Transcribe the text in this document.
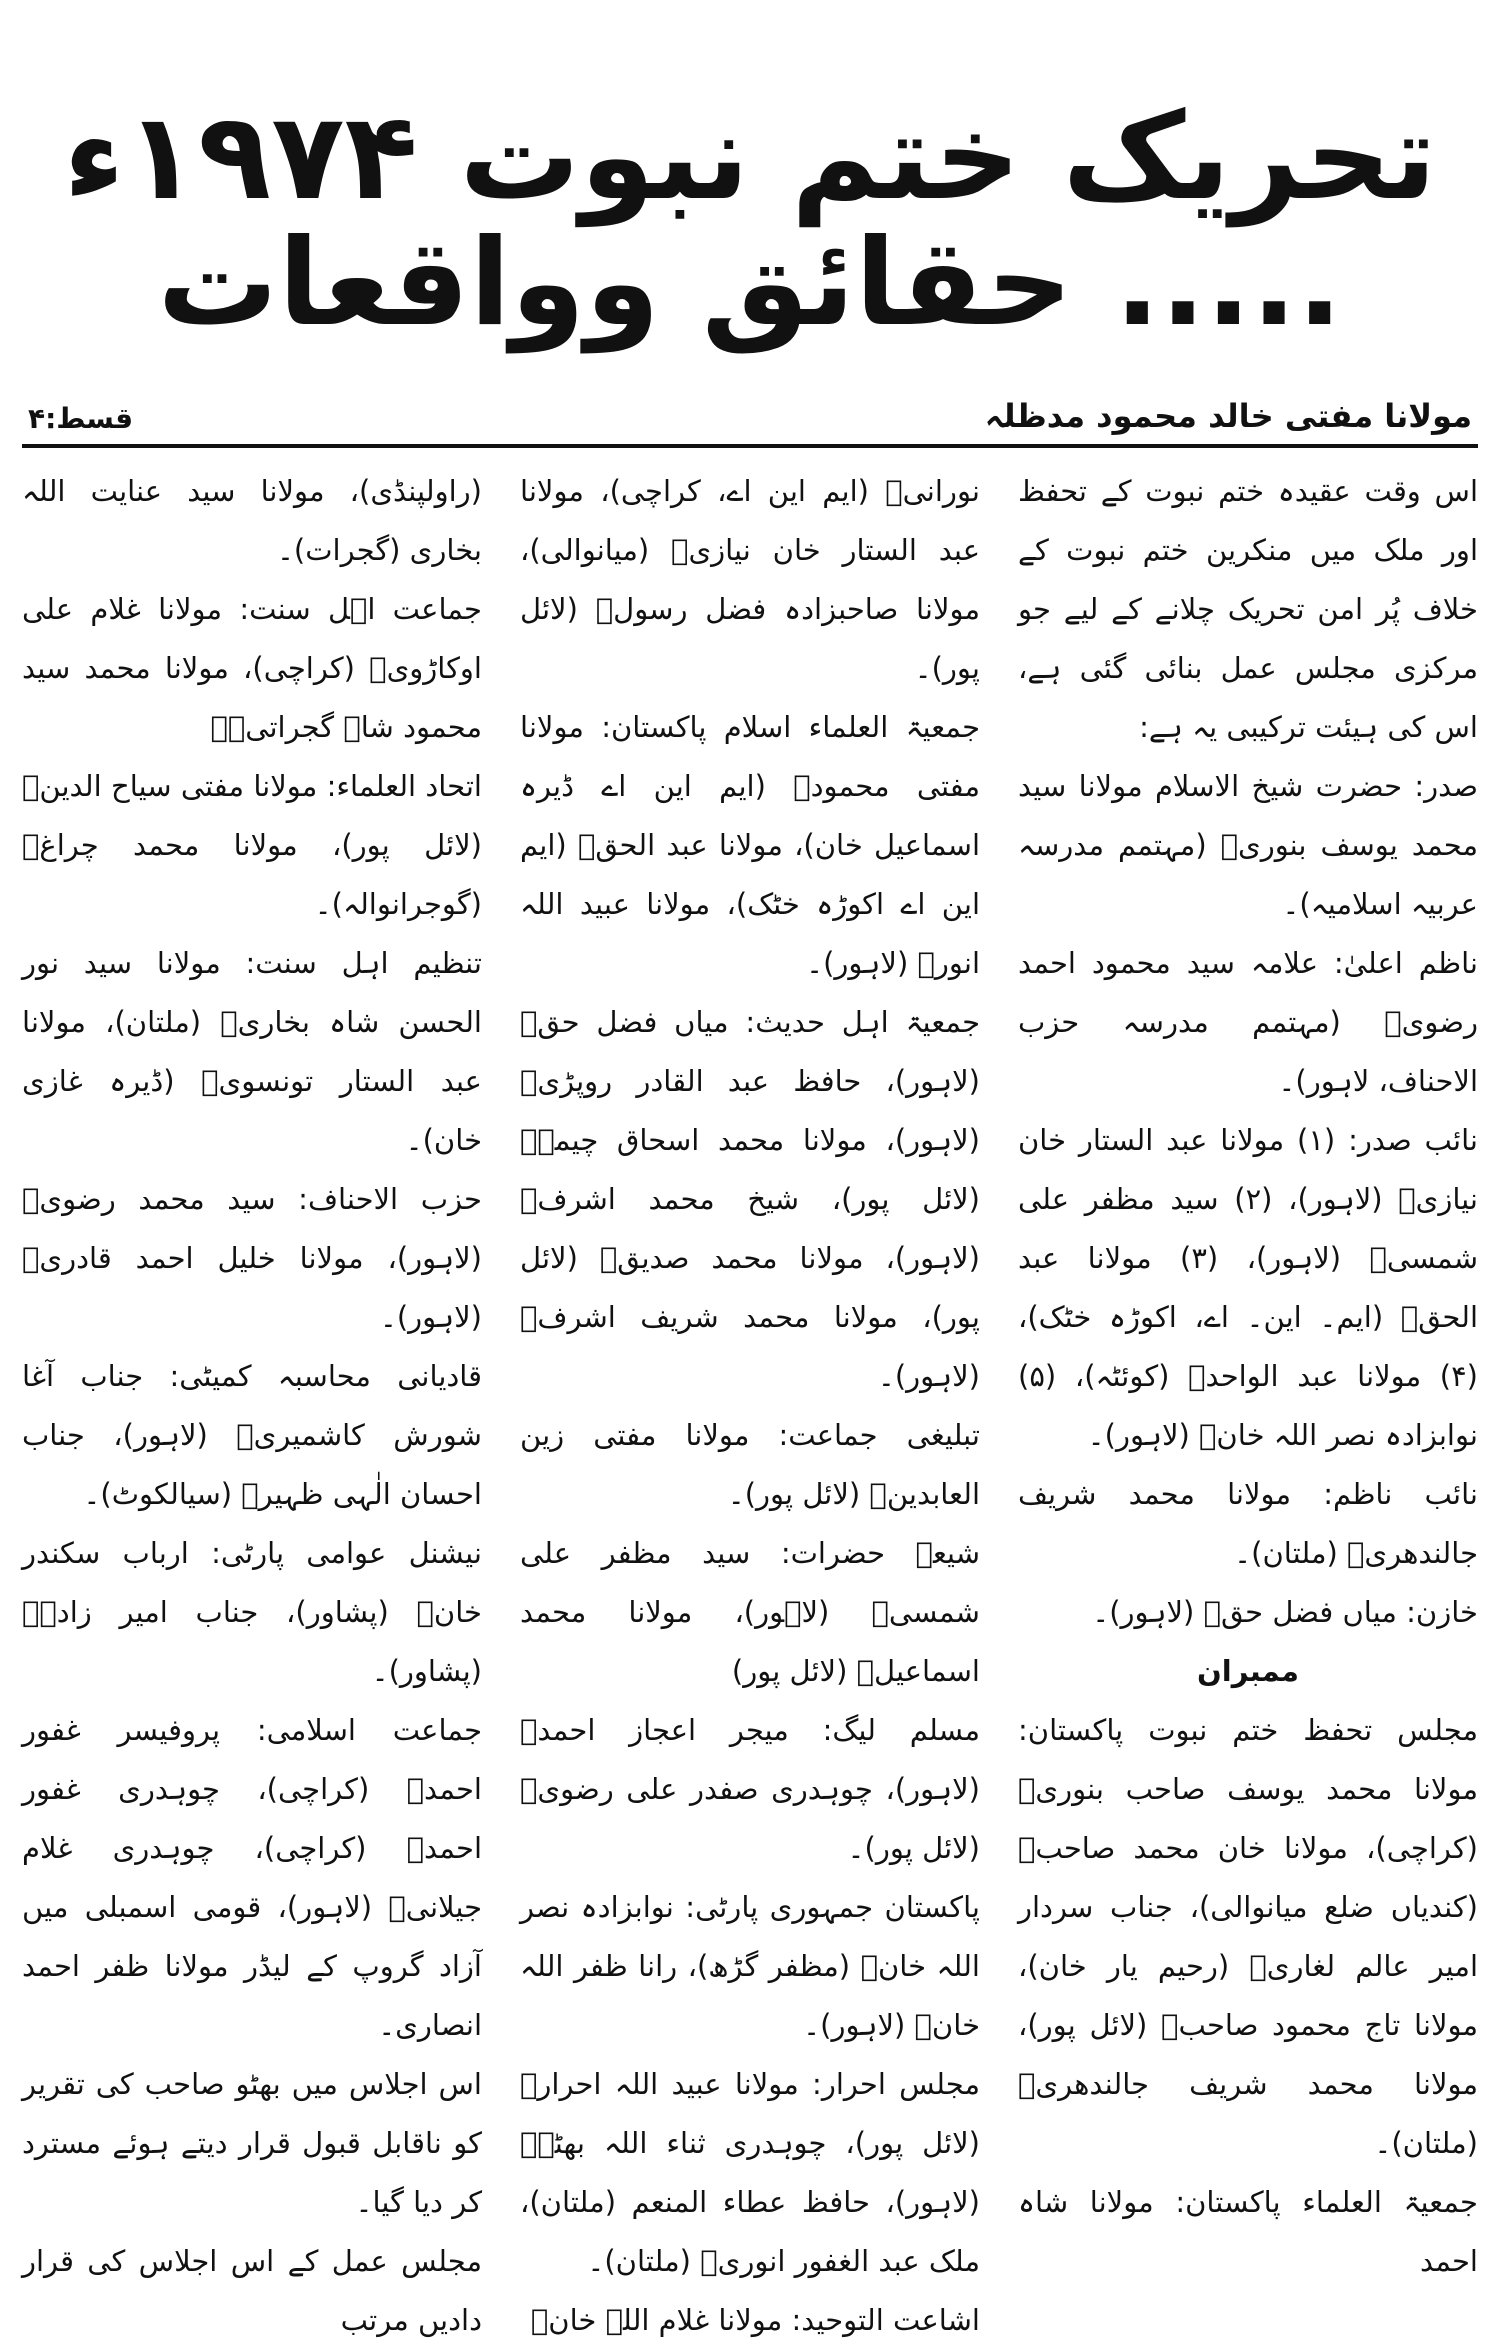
تحریک ختم نبوت ۱۹۷۴ء
..... حقائق وواقعات
مولانا مفتی خالد محمود مدظلہ
قسط:۴

اس وقت عقیدہ ختم نبوت کے تحفظ اور ملک میں منکرین ختم نبوت کے خلاف پُر امن تحریک چلانے کے لیے جو مرکزی مجلس عمل بنائی گئی ہے، اس کی ہیئت ترکیبی یہ ہے:

صدر: حضرت شیخ الاسلام مولانا سید محمد یوسف بنوریؒ (مہتمم مدرسہ عربیہ اسلامیہ)۔

ناظم اعلیٰ: علامہ سید محمود احمد رضویؒ (مہتمم مدرسہ حزب الاحناف، لاہور)۔

نائب صدر: (۱) مولانا عبد الستار خان نیازیؒ (لاہور)، (۲) سید مظفر علی شمسیؒ (لاہور)، (۳) مولانا عبد الحقؒ (ایم۔ این۔ اے، اکوڑہ خٹک)، (۴) مولانا عبد الواحدؒ (کوئٹہ)، (۵) نوابزادہ نصر اللہ خانؒ (لاہور)۔

نائب ناظم: مولانا محمد شریف جالندھریؒ (ملتان)۔

خازن: میاں فضل حقؒ (لاہور)۔

ممبران

مجلس تحفظ ختم نبوت پاکستان: مولانا محمد یوسف صاحب بنوریؒ (کراچی)، مولانا خان محمد صاحبؒ (کندیاں ضلع میانوالی)، جناب سردار امیر عالم لغاریؒ (رحیم یار خان)، مولانا تاج محمود صاحبؒ (لائل پور)، مولانا محمد شریف جالندھریؒ (ملتان)۔

جمعیۃ العلماء پاکستان: مولانا شاہ احمد

نورانیؒ (ایم این اے، کراچی)، مولانا عبد الستار خان نیازیؒ (میانوالی)، مولانا صاحبزادہ فضل رسولؒ (لائل پور)۔

جمعیۃ العلماء اسلام پاکستان: مولانا مفتی محمودؒ (ایم این اے ڈیرہ اسماعیل خان)، مولانا عبد الحقؒ (ایم این اے اکوڑہ خٹک)، مولانا عبید اللہ انورؒ (لاہور)۔

جمعیۃ اہل حدیث: میاں فضل حقؒ (لاہور)، حافظ عبد القادر روپڑیؒ (لاہور)، مولانا محمد اسحاق چیمہؒ (لائل پور)، شیخ محمد اشرفؒ (لاہور)، مولانا محمد صدیقؒ (لائل پور)، مولانا محمد شریف اشرفؒ (لاہور)۔

تبلیغی جماعت: مولانا مفتی زین العابدینؒ (لائل پور)۔

شیعہ حضرات: سید مظفر علی شمسیؒ (لاہور)، مولانا محمد اسماعیلؒ (لائل پور)

مسلم لیگ: میجر اعجاز احمدؒ (لاہور)، چوہدری صفدر علی رضویؒ (لائل پور)۔

پاکستان جمہوری پارٹی: نوابزادہ نصر اللہ خانؒ (مظفر گڑھ)، رانا ظفر اللہ خانؒ (لاہور)۔

مجلس احرار: مولانا عبید اللہ احرارؒ (لائل پور)، چوہدری ثناء اللہ بھٹہؒ (لاہور)، حافظ عطاء المنعم (ملتان)، ملک عبد الغفور انوریؒ (ملتان)۔

اشاعت التوحید: مولانا غلام اللہ خانؒ

(راولپنڈی)، مولانا سید عنایت اللہ بخاری (گجرات)۔

جماعت اہل سنت: مولانا غلام علی اوکاڑویؒ (کراچی)، مولانا محمد سید محمود شاہ گجراتیؒ۔

اتحاد العلماء: مولانا مفتی سیاح الدینؒ (لائل پور)، مولانا محمد چراغؒ (گوجرانوالہ)۔

تنظیم اہل سنت: مولانا سید نور الحسن شاہ بخاریؒ (ملتان)، مولانا عبد الستار تونسویؒ (ڈیرہ غازی خان)۔

حزب الاحناف: سید محمد رضویؒ (لاہور)، مولانا خلیل احمد قادریؒ (لاہور)۔

قادیانی محاسبہ کمیٹی: جناب آغا شورش کاشمیریؒ (لاہور)، جناب احسان الٰہی ظہیرؒ (سیالکوٹ)۔

نیشنل عوامی پارٹی: ارباب سکندر خانؒ (پشاور)، جناب امیر زادہؒ (پشاور)۔

جماعت اسلامی: پروفیسر غفور احمدؒ (کراچی)، چوہدری غفور احمدؒ (کراچی)، چوہدری غلام جیلانیؒ (لاہور)، قومی اسمبلی میں آزاد گروپ کے لیڈر مولانا ظفر احمد انصاری۔

اس اجلاس میں بھٹو صاحب کی تقریر کو ناقابل قبول قرار دیتے ہوئے مسترد کر دیا گیا۔

مجلس عمل کے اس اجلاس کی قرار دادیں مرتب
